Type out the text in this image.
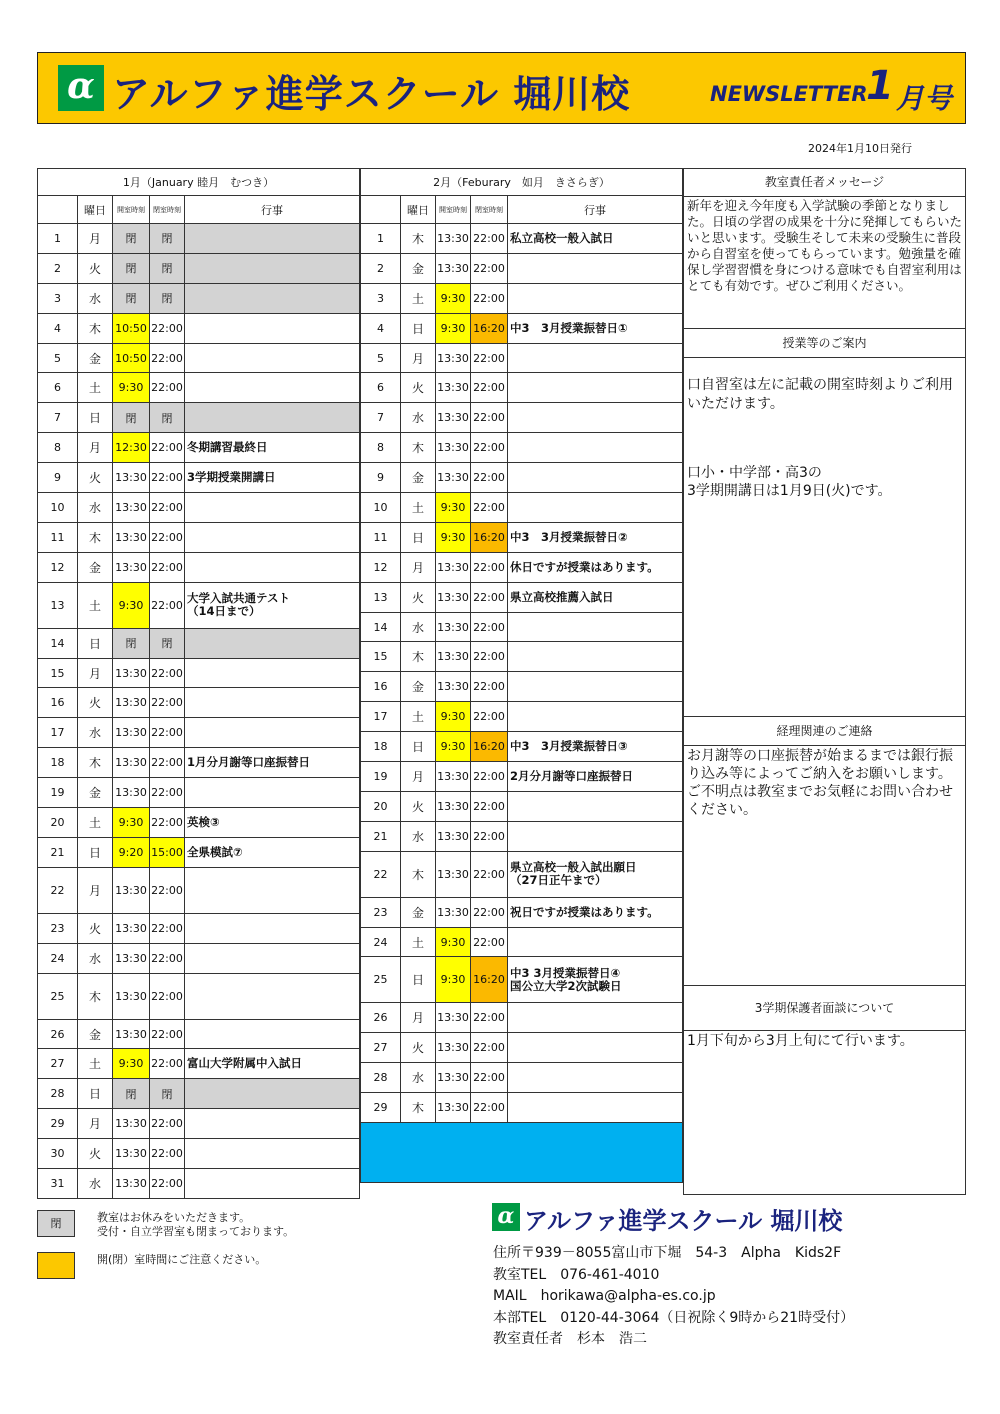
α アルファ進学スクール 堀川校	NEWSLETTER
1 月号
2024年1月10日発行
1月（January 睦月　むつき）				
	曜日	開室時刻	閉室時刻	行事
1	月	閉	閉	
2	火	閉	閉	
3	水	閉	閉	
4	木	10:50	22:00	
5	金	10:50	22:00	
6	土	9:30	22:00	
7	日	閉	閉	
8	月	12:30	22:00	冬期講習最終日
9	火	13:30	22:00	3学期授業開講日
10	水	13:30	22:00	
11	木	13:30	22:00	
12	金	13:30	22:00	
13	土	9:30	22:00	大学入試共通テスト
（14日まで）
14	日	閉	閉	
15	月	13:30	22:00	
16	火	13:30	22:00	
17	水	13:30	22:00	
18	木	13:30	22:00	1月分月謝等口座振替日
19	金	13:30	22:00	
20	土	9:30	22:00	英検③
21	日	9:20	15:00	全県模試⑦
22	月	13:30	22:00	
23	火	13:30	22:00	
24	水	13:30	22:00	
25	木	13:30	22:00	
26	金	13:30	22:00	
27	土	9:30	22:00	富山大学附属中入試日
28	日	閉	閉	
29	月	13:30	22:00	
30	火	13:30	22:00	
31	水	13:30	22:00	
2月（Feburary　如月　きさらぎ）				
	曜日	開室時刻	閉室時刻	行事
1	木	13:30	22:00	私立高校一般入試日
2	金	13:30	22:00	
3	土	9:30	22:00	
4	日	9:30	16:20	中3　3月授業振替日①
5	月	13:30	22:00	
6	火	13:30	22:00	
7	水	13:30	22:00	
8	木	13:30	22:00	
9	金	13:30	22:00	
10	土	9:30	22:00	
11	日	9:30	16:20	中3　3月授業振替日②
12	月	13:30	22:00	休日ですが授業はあります。
13	火	13:30	22:00	県立高校推薦入試日
14	水	13:30	22:00	
15	木	13:30	22:00	
16	金	13:30	22:00	
17	土	9:30	22:00	
18	日	9:30	16:20	中3　3月授業振替日③
19	月	13:30	22:00	2月分月謝等口座振替日
20	火	13:30	22:00	
21	水	13:30	22:00	
22	木	13:30	22:00	県立高校一般入試出願日
（27日正午まで）
23	金	13:30	22:00	祝日ですが授業はあります。
24	土	9:30	22:00	
25	日	9:30	16:20	中3 3月授業振替日④
国公立大学2次試験日
26	月	13:30	22:00	
27	火	13:30	22:00	
28	水	13:30	22:00	
29	木	13:30	22:00	

教室責任者メッセージ
新年を迎え今年度も入学試験の季節となりました。日頃の学習の成果を十分に発揮してもらいたいと思います。受験生そして未来の受験生に普段から自習室を使ってもらっています。勉強量を確保し学習習慣を身につける意味でも自習室利用はとても有効です。ぜひご利用ください。
授業等のご案内
口自習室は左に記載の開室時刻よりご利用いただけます。
口小・中学部・高3の
3学期開講日は1月9日(火)です。
経理関連のご連絡
お月謝等の口座振替が始まるまでは銀行振り込み等によってご納入をお願いします。ご不明点は教室までお気軽にお問い合わせください。
3学期保護者面談について
1月下旬から3月上旬にて行います。
閉	教室はお休みをいただきます。
受付・自立学習室も閉まっております。
開(閉）室時間にご注意ください。
α アルファ進学スクール 堀川校
住所〒939－8055富山市下堀　54-3　Alpha　Kids2F
教室TEL　076-461-4010
MAIL　horikawa@alpha-es.co.jp
本部TEL　0120-44-3064（日祝除く9時から21時受付）
教室責任者　杉本　浩二
